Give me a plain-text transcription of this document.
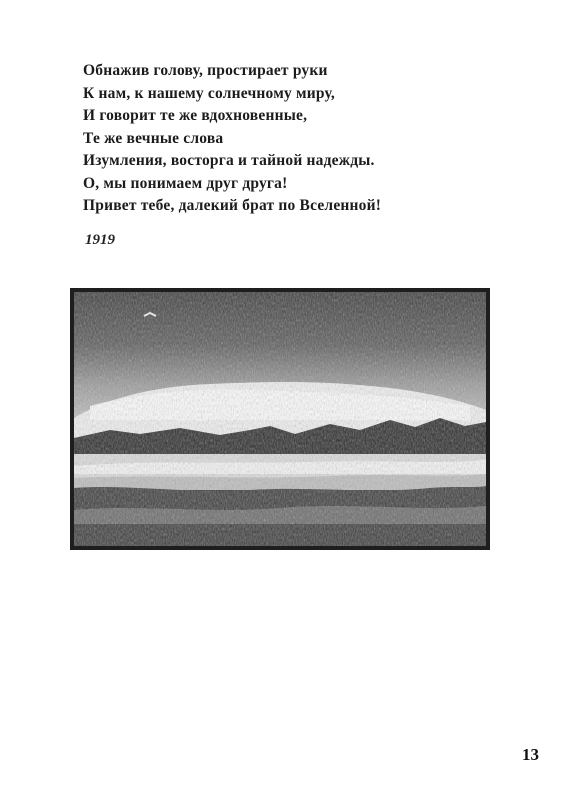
Обнажив голову, простирает руки
К нам, к нашему солнечному миру,
И говорит те же вдохновенные,
Те же вечные слова
Изумления, восторга и тайной надежды.
О, мы понимаем друг друга!
Привет тебе, далекий брат по Вселенной!
1919
13
